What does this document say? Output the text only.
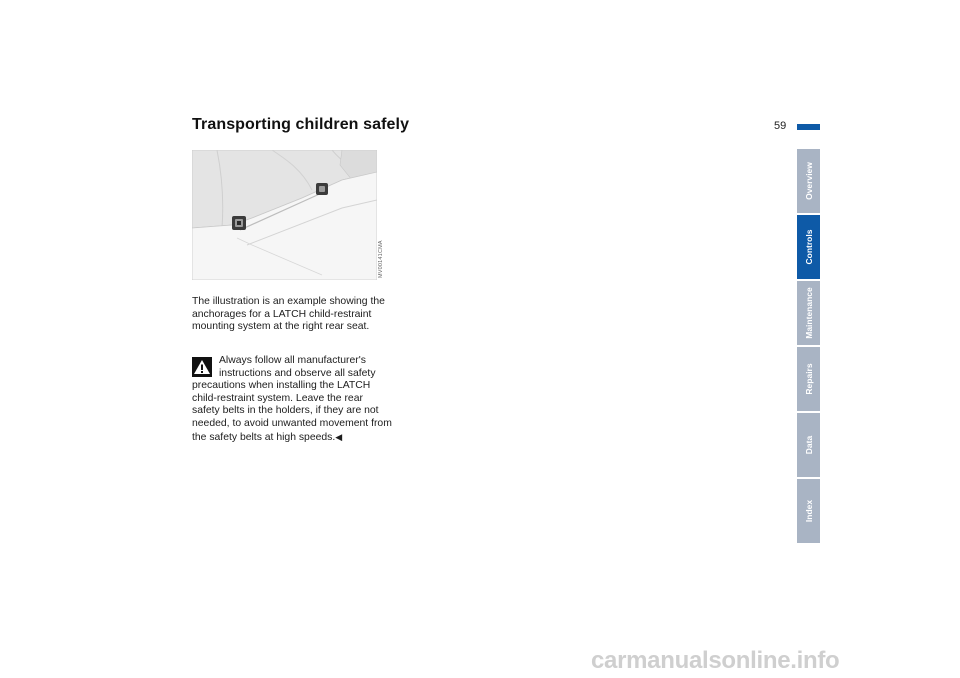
Transporting children safely	59
MV00141CMA

The illustration is an example showing the anchorages for a LATCH child-restraint mounting system at the right rear seat.

Always follow all manufacturer's instructions and observe all safety precautions when installing the LATCH child-restraint system. Leave the rear safety belts in the holders, if they are not needed, to avoid unwanted movement from the safety belts at high speeds.◀

Overview
Controls
Maintenance
Repairs
Data
Index
carmanualsonline.info
